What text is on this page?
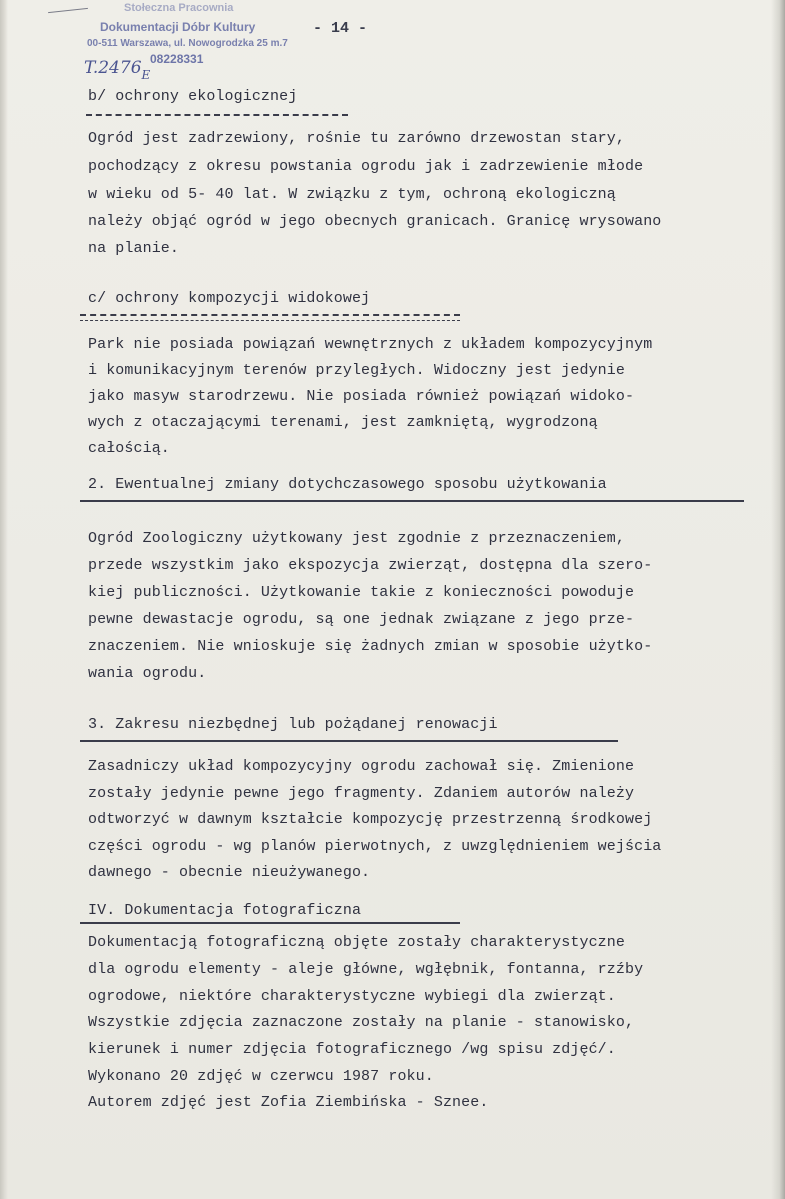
Stołeczna Pracownia
Dokumentacji Dóbr Kultury
00-511 Warszawa, ul. Nowogrodzka 25 m.7
08228331
- 14 -
$T.2476_E$
b/ ochrony ekologicznej
Ogród jest zadrzewiony, rośnie tu zarówno drzewostan stary,
pochodzący z okresu powstania ogrodu jak i zadrzewienie młode
w wieku od 5- 40 lat. W związku z tym, ochroną ekologiczną
należy objąć ogród w jego obecnych granicach. Granicę wrysowano
na planie.
c/ ochrony kompozycji widokowej
Park nie posiada powiązań wewnętrznych z układem kompozycyjnym
i komunikacyjnym terenów przyległych. Widoczny jest jedynie
jako masyw starodrzewu. Nie posiada również powiązań widoko-
wych z otaczającymi terenami, jest zamkniętą, wygrodzoną
całością.
2. Ewentualnej zmiany dotychczasowego sposobu użytkowania
Ogród Zoologiczny użytkowany jest zgodnie z przeznaczeniem,
przede wszystkim jako ekspozycja zwierząt, dostępna dla szero-
kiej publiczności. Użytkowanie takie z konieczności powoduje
pewne dewastacje ogrodu, są one jednak związane z jego prze-
znaczeniem. Nie wnioskuje się żadnych zmian w sposobie użytko-
wania ogrodu.
3. Zakresu niezbędnej lub pożądanej renowacji
Zasadniczy układ kompozycyjny ogrodu zachował się. Zmienione
zostały jedynie pewne jego fragmenty. Zdaniem autorów należy
odtworzyć w dawnym kształcie kompozycję przestrzenną środkowej
części ogrodu - wg planów pierwotnych, z uwzględnieniem wejścia
dawnego - obecnie nieużywanego.
IV. Dokumentacja fotograficzna
Dokumentacją fotograficzną objęte zostały charakterystyczne
dla ogrodu elementy - aleje główne, wgłębnik, fontanna, rzźby
ogrodowe, niektóre charakterystyczne wybiegi dla zwierząt.
Wszystkie zdjęcia zaznaczone zostały na planie - stanowisko,
kierunek i numer zdjęcia fotograficznego /wg spisu zdjęć/.
Wykonano 20 zdjęć w czerwcu 1987 roku.
Autorem zdjęć jest Zofia Ziembińska - Sznee.
